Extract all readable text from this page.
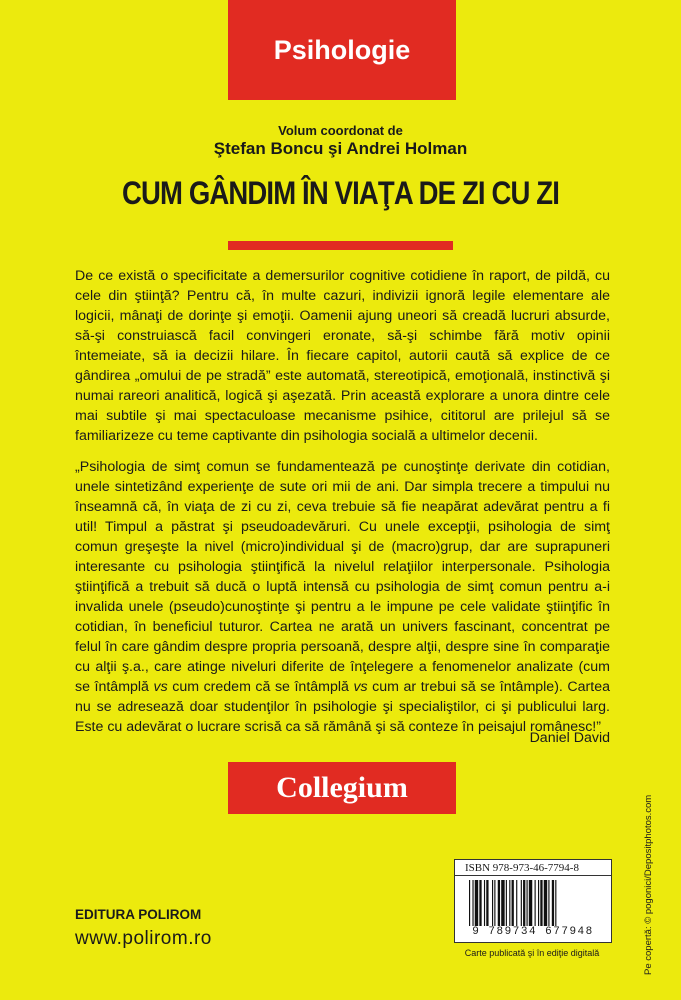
Psihologie
Volum coordonat de
Ştefan Boncu şi Andrei Holman
CUM GÂNDIM ÎN VIAŢA DE ZI CU ZI
De ce există o specificitate a demersurilor cognitive cotidiene în raport, de pildă, cu cele din ştiinţă? Pentru că, în multe cazuri, indivizii ignoră legile elementare ale logicii, mânaţi de dorinţe şi emoţii. Oamenii ajung uneori să creadă lucruri absurde, să-şi construiască facil convingeri eronate, să-şi schimbe fără motiv opinii întemeiate, să ia decizii hilare. În fiecare capitol, autorii caută să explice de ce gândirea „omului de pe stradă” este automată, stereotipică, emoţională, instinctivă şi numai rareori analitică, logică şi aşezată. Prin această explorare a unora dintre cele mai subtile şi mai spectaculoase mecanisme psihice, cititorul are prilejul să se familiarizeze cu teme captivante din psihologia socială a ultimelor decenii.
„Psihologia de simţ comun se fundamentează pe cunoştinţe derivate din cotidian, unele sintetizând experienţe de sute ori mii de ani. Dar simpla trecere a timpului nu înseamnă că, în viaţa de zi cu zi, ceva trebuie să fie neapărat adevărat pentru a fi util! Timpul a păstrat şi pseudoadevăruri. Cu unele excepţii, psihologia de simţ comun greşeşte la nivel (micro)individual şi de (macro)grup, dar are suprapuneri interesante cu psihologia ştiinţifică la nivelul relaţiilor interpersonale. Psihologia ştiinţifică a trebuit să ducă o luptă intensă cu psihologia de simţ comun pentru a-i invalida unele (pseudo)cunoştinţe şi pentru a le impune pe cele validate ştiinţific în cotidian, în beneficiul tuturor. Cartea ne arată un univers fascinant, concentrat pe felul în care gândim despre propria persoană, despre alţii, despre sine în comparaţie cu alţii ş.a., care atinge niveluri diferite de înţelegere a fenomenelor analizate (cum se întâmplă vs cum credem că se întâmplă vs cum ar trebui să se întâmple). Cartea nu se adresează doar studenţilor în psihologie şi specialiştilor, ci şi publicului larg. Este cu adevărat o lucrare scrisă ca să rămână şi să conteze în peisajul românesc!”
Daniel David
Collegium
EDITURA POLIROM
www.polirom.ro
ISBN 978-973-46-7794-8
9 789734 677948
Carte publicată şi în ediţie digitală	Pe copertă: © pogonici/Depositphotos.com
